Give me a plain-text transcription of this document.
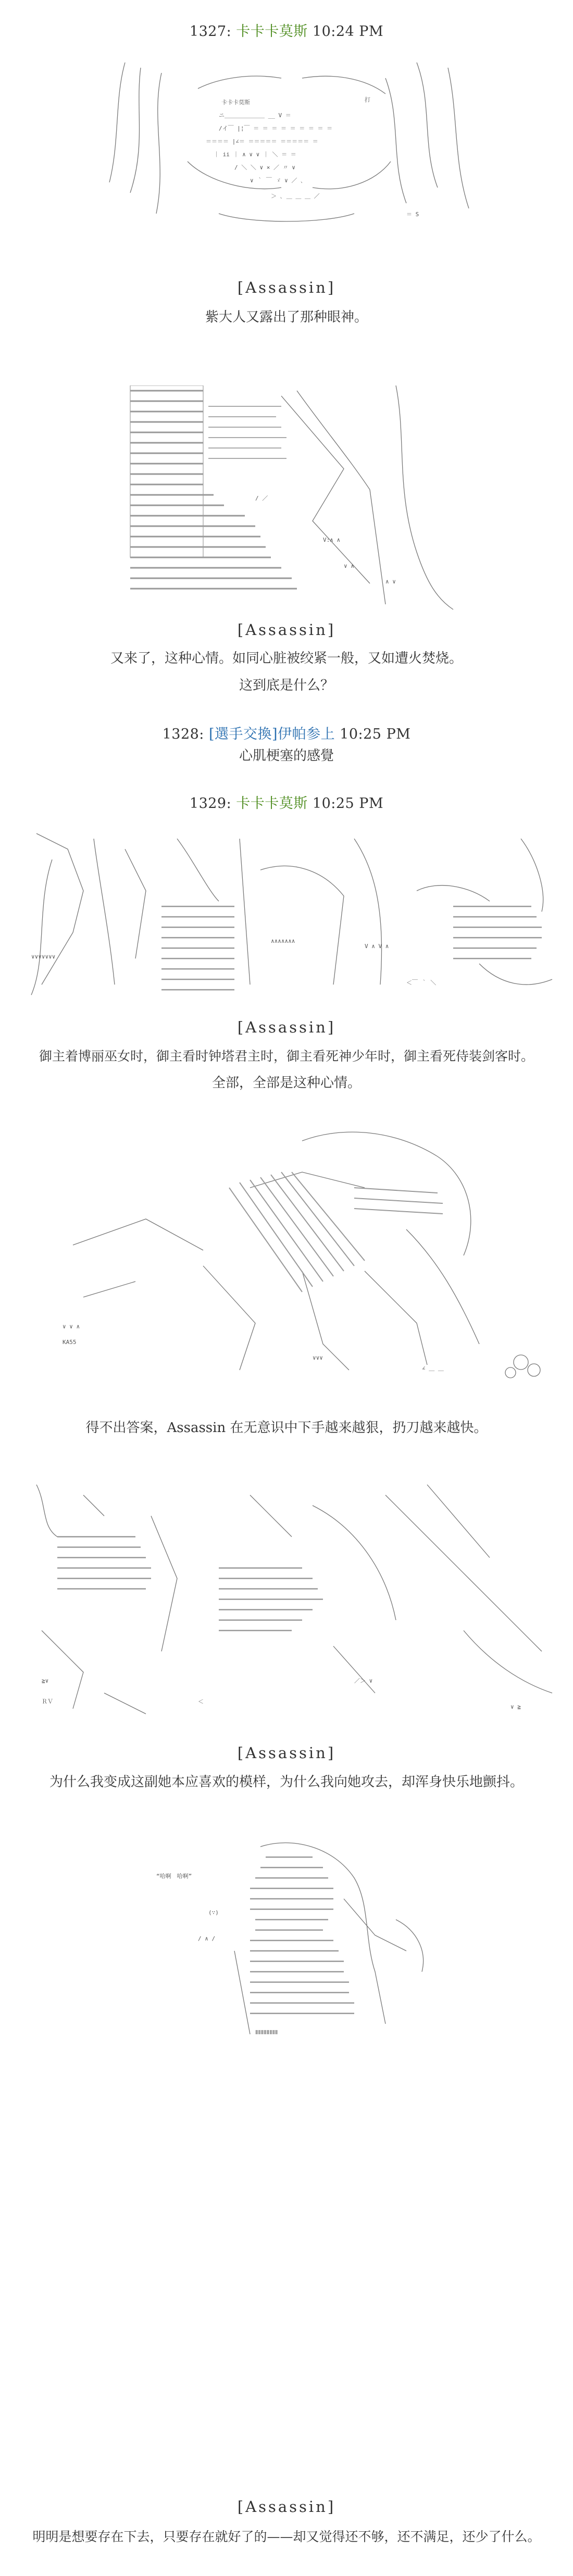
1327: 卡卡卡莫斯 10:24 PM
卡卡卡莫斯	打
ニ＿＿＿＿＿＿＿ __ V ＝
/イ￣ |¦￣ ＝ ＝ ＝ ＝ ＝ ＝ ＝ ＝ ＝
＝＝＝＝ |∠＝ ＝＝＝＝＝ ＝＝＝＝＝ ＝
｜ ii ｜ ∧ ∨ ∨ ｜ ＼ ＝ ＝
/ ＼ ＼ ∨ × ／ 〃 ∨
∨ ｀ ￣ ゞ ∨ ／ ､
＞ ､ ＿ ＿ ＿ ／
＝ S
[Assassin]
紫大人又露出了那种眼神。
/ ／
V:∧ ∧
∨ ∧
∧ ∨
[Assassin]
又来了，这种心情。如同心脏被绞紧一般，又如遭火焚烧。
这到底是什么？
1328: [選手交換]伊帕参上 10:25 PM
心肌梗塞的感覺
1329: 卡卡卡莫斯 10:25 PM
∨∨∨∨∨∨∨
∧∧∧∧∧∧∧
V ∧ V ∧
＜￣ ｀ ＼
[Assassin]
御主着博丽巫女时，御主看时钟塔君主时，御主看死神少年时，御主看死侍装剑客时。
全部，全部是这种心情。
∨ ∨ ∧
KA55
∨∨∨
∠ ＿ ＿
得不出答案，Assassin 在无意识中下手越来越狠，扔刀越来越快。
≧∨
ＲＶ	＜
／＞ ∨
∨ ≧
[Assassin]
为什么我变成这副她本应喜欢的模样，为什么我向她攻去，却浑身快乐地颤抖。
“哈啊　哈啊”
(∵)
/ ∧ /
ⅡⅡⅡⅡⅡⅡⅡⅡ
[Assassin]
明明是想要存在下去，只要存在就好了的——却又觉得还不够，还不满足，还少了什么。
